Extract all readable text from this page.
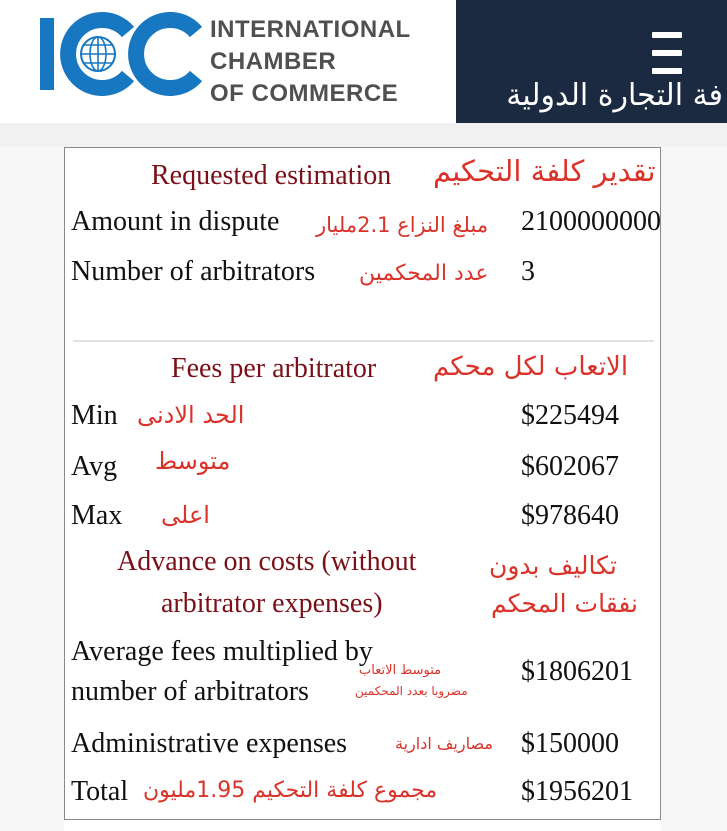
INTERNATIONAL
CHAMBER
OF COMMERCE	فة التجارة الدولية
Requested estimation تقدير كلفة التحكيم
Amount in dispute مبلغ النزاع 2.1مليار 2100000000
Number of arbitrators عدد المحكمين 3
Fees per arbitrator الاتعاب لكل محكم
Min الحد الادنى	$225494
Avg متوسط	$602067
Max اعلى	$978640
Advance on costs (without
arbitrator expenses)
تكاليف بدون
نفقات المحكم
Average fees multiplied by
number of arbitrators
متوسط الاتعاب
مضروبا بعدد المحكمين
$1806201
Administrative expenses	مصاريف ادارية $150000
Total مجموع كلفة التحكيم 1.95مليون	$1956201
